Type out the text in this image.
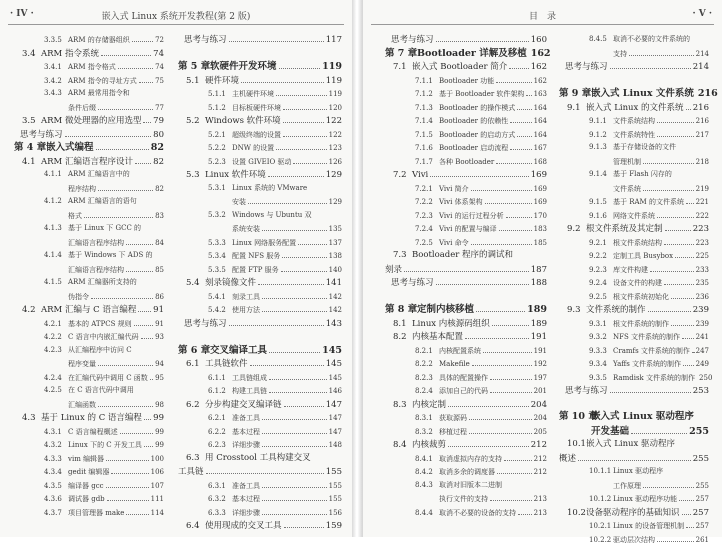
· IV ·	嵌入式 Linux 系统开发教程(第 2 版)
3.3.5 ARM 的存储器组织	72
3.4 ARM 指令系统	74
3.4.1 ARM 指令格式	74
3.4.2 ARM 指令的寻址方式	75
3.4.3 ARM 最常用指令和
条件后缀	77
3.5 ARM 微处理器的应用选型 79
思考与练习	80
第 4 章 嵌入式编程	82
4.1 ARM 汇编语言程序设计 82
4.1.1 ARM 汇编语言中的
程序结构	82
4.1.2 ARM 汇编语言的语句
格式	83
4.1.3 基于 Linux 下 GCC 的
汇编语言程序结构	84
4.1.4 基于 Windows 下 ADS 的
汇编语言程序结构	85
4.1.5 ARM 汇编器所支持的
伪指令	86
4.2 ARM 汇编与 C 语言编程 91
4.2.1 基本的 ATPCS 规则	91
4.2.2 C 语言中内嵌汇编代码 93
4.2.3 从汇编程序中访问 C
程序变量	94
4.2.4 在汇编代码中调用 C 函数 95
4.2.5 在 C 语言代码中调用
汇编函数	98
4.3 基于 Linux 的 C 语言编程 99
4.3.1 C 语言编程概述	99
4.3.2 Linux 下的 C 开发工具 99
4.3.3 vim 编辑器	100
4.3.4 gedit 编辑器	106
4.3.5 编译器 gcc	107
4.3.6 调试器 gdb	111
4.3.7 项目管理器 make	114
思考与练习	117
第 5 章 软硬件开发环境	119
5.1 硬件环境	119
5.1.1 主机硬件环境	119
5.1.2 目标板硬件环境	120
5.2 Windows 软件环境	122
5.2.1 超级终端的设置	122
5.2.2 DNW 的设置	123
5.2.3 设置 GIVEIO 驱动	126
5.3 Linux 软件环境	129
5.3.1 Linux 系统的 VMware
安装	129
5.3.2 Windows 与 Ubuntu 双
系统安装	135
5.3.3 Linux 网络服务配置	137
5.3.4 配置 NFS 服务	138
5.3.5 配置 FTP 服务	140
5.4 刻录镜像文件	141
5.4.1 刻录工具	142
5.4.2 使用方法	142
思考与练习	143
第 6 章 交叉编译工具	145
6.1 工具链软件	145
6.1.1 工具链组成	145
6.1.2 构建工具链	146
6.2 分步构建交叉编译链	147
6.2.1 准备工具	147
6.2.2 基本过程	147
6.2.3 详细步骤	148
6.3 用 Crosstool 工具构建交叉
工具链	155
6.3.1 准备工具	155
6.3.2 基本过程	155
6.3.3 详细步骤	156
6.4 使用现成的交叉工具	159
目　录	· V ·
思考与练习	160
第 7 章 Bootloader 详解及移植 162
7.1 嵌入式 Bootloader 简介	162
7.1.1 Bootloader 功能	162
7.1.2 基于 Bootloader 软件架构 163
7.1.3 Bootloader 的操作模式	164
7.1.4 Bootloader 的依赖性	164
7.1.5 Bootloader 的启动方式	164
7.1.6 Bootloader 启动流程	167
7.1.7 各种 Bootloader	168
7.2 Vivi	169
7.2.1 Vivi 简介	169
7.2.2 Vivi 体系架构	169
7.2.3 Vivi 的运行过程分析	170
7.2.4 Vivi 的配置与编译	183
7.2.5 Vivi 命令	185
7.3 Bootloader 程序的调试和
刻录	187
思考与练习	188
第 8 章 定制内核移植	189
8.1 Linux 内核源码组织	189
8.2 内核基本配置	191
8.2.1 内核配置系统	191
8.2.2 Makefile	192
8.2.3 具体的配置操作	197
8.2.4 添加自己的代码	201
8.3 内核定制	204
8.3.1 获取源码	204
8.3.2 移植过程	205
8.4 内核裁剪	212
8.4.1 取消虚拟内存的支持	212
8.4.2 取消多余的调度器	212
8.4.3 取消对旧版本二进制
执行文件的支持	213
8.4.4 取消不必要的设备的支持	213
8.4.5 取消不必要的文件系统的
支持	214
思考与练习	214
第 9 章 嵌入式 Linux 文件系统 216
9.1 嵌入式 Linux 的文件系统 216
9.1.1 文件系统结构	216
9.1.2 文件系统特性	217
9.1.3 基于存储设备的文件
管理机制	218
9.1.4 基于 Flash 闪存的
文件系统	219
9.1.5 基于 RAM 的文件系统 221
9.1.6 网络文件系统	222
9.2 根文件系统及其定制	223
9.2.1 根文件系统结构	223
9.2.2 定制工具 Busybox	225
9.2.3 库文件构建	233
9.2.4 设备文件的构建	235
9.2.5 根文件系统初始化	236
9.3 文件系统的制作	239
9.3.1 根文件系统的制作	239
9.3.2 NFS 文件系统的制作 241
9.3.3 Cramfs 文件系统的制作 247
9.3.4 Yaffs 文件系统的制作 249
9.3.5 Ramdisk 文件系统的制作 250
思考与练习	253
第 10 章
嵌入式 Linux 驱动程序
开发基础	255
10.1 嵌入式 Linux 驱动程序
概述	255
10.1.1 Linux 驱动程序
工作原理	255
10.1.2 Linux 驱动程序功能	257
10.2 设备驱动程序的基础知识 257
10.2.1 Linux 的设备管理机制 257
10.2.2 驱动层次结构	261
